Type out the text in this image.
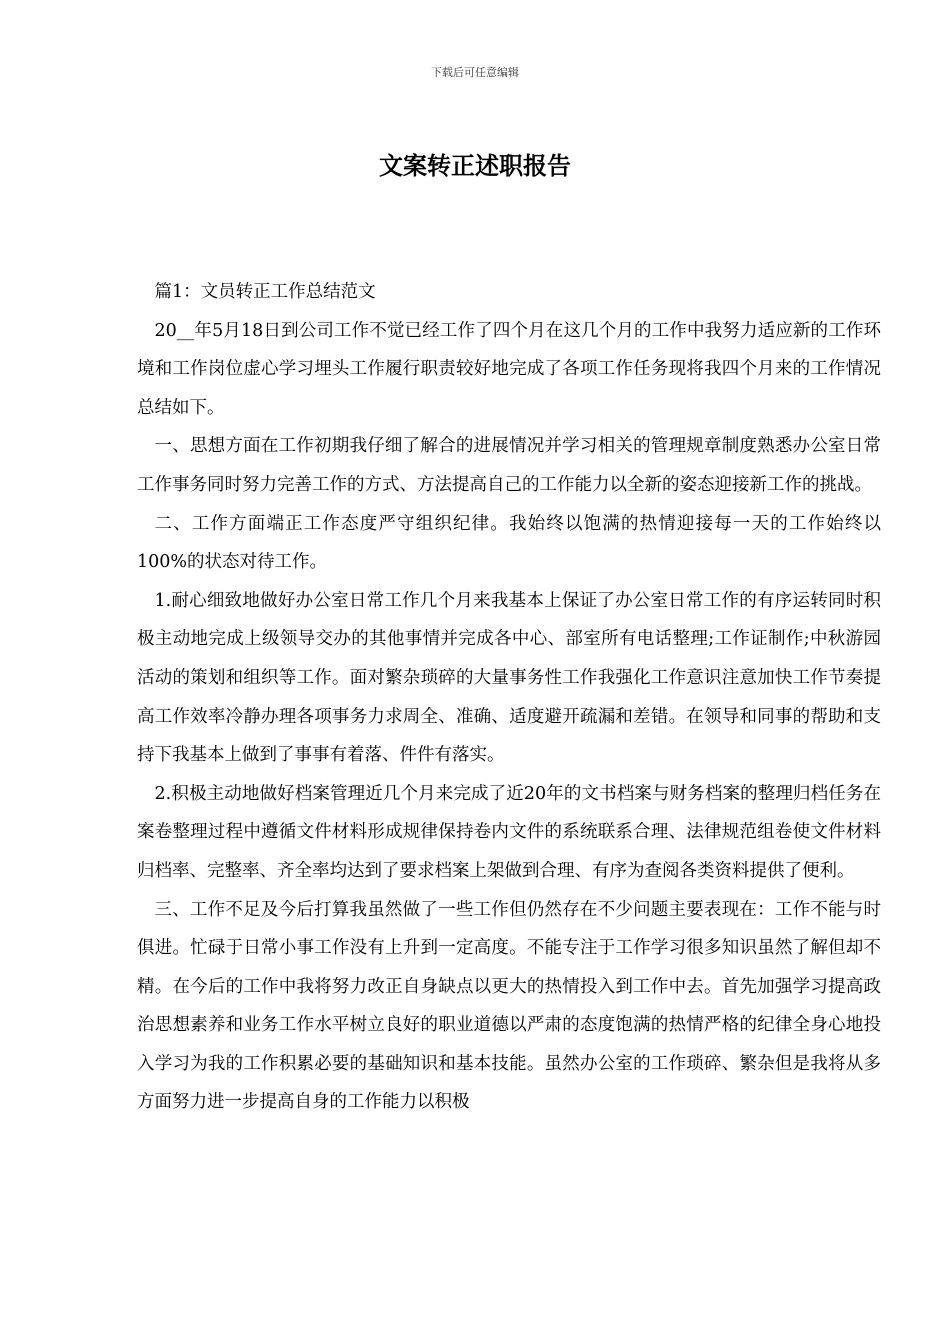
下载后可任意编辑
文案转正述职报告

篇1：文员转正工作总结范文

20__年5月18日到公司工作不觉已经工作了四个月在这几个月的工作中我努力适应新的工作环境和工作岗位虚心学习埋头工作履行职责较好地完成了各项工作任务现将我四个月来的工作情况总结如下。

一、思想方面在工作初期我仔细了解合的进展情况并学习相关的管理规章制度熟悉办公室日常工作事务同时努力完善工作的方式、方法提高自己的工作能力以全新的姿态迎接新工作的挑战。

二、工作方面端正工作态度严守组织纪律。我始终以饱满的热情迎接每一天的工作始终以100%的状态对待工作。

1.耐心细致地做好办公室日常工作几个月来我基本上保证了办公室日常工作的有序运转同时积极主动地完成上级领导交办的其他事情并完成各中心、部室所有电话整理;工作证制作;中秋游园活动的策划和组织等工作。面对繁杂琐碎的大量事务性工作我强化工作意识注意加快工作节奏提高工作效率冷静办理各项事务力求周全、准确、适度避开疏漏和差错。在领导和同事的帮助和支持下我基本上做到了事事有着落、件件有落实。

2.积极主动地做好档案管理近几个月来完成了近20年的文书档案与财务档案的整理归档任务在案卷整理过程中遵循文件材料形成规律保持卷内文件的系统联系合理、法律规范组卷使文件材料归档率、完整率、齐全率均达到了要求档案上架做到合理、有序为查阅各类资料提供了便利。

三、工作不足及今后打算我虽然做了一些工作但仍然存在不少问题主要表现在：工作不能与时俱进。忙碌于日常小事工作没有上升到一定高度。不能专注于工作学习很多知识虽然了解但却不精。在今后的工作中我将努力改正自身缺点以更大的热情投入到工作中去。首先加强学习提高政治思想素养和业务工作水平树立良好的职业道德以严肃的态度饱满的热情严格的纪律全身心地投入学习为我的工作积累必要的基础知识和基本技能。虽然办公室的工作琐碎、繁杂但是我将从多方面努力进一步提高自身的工作能力以积极
